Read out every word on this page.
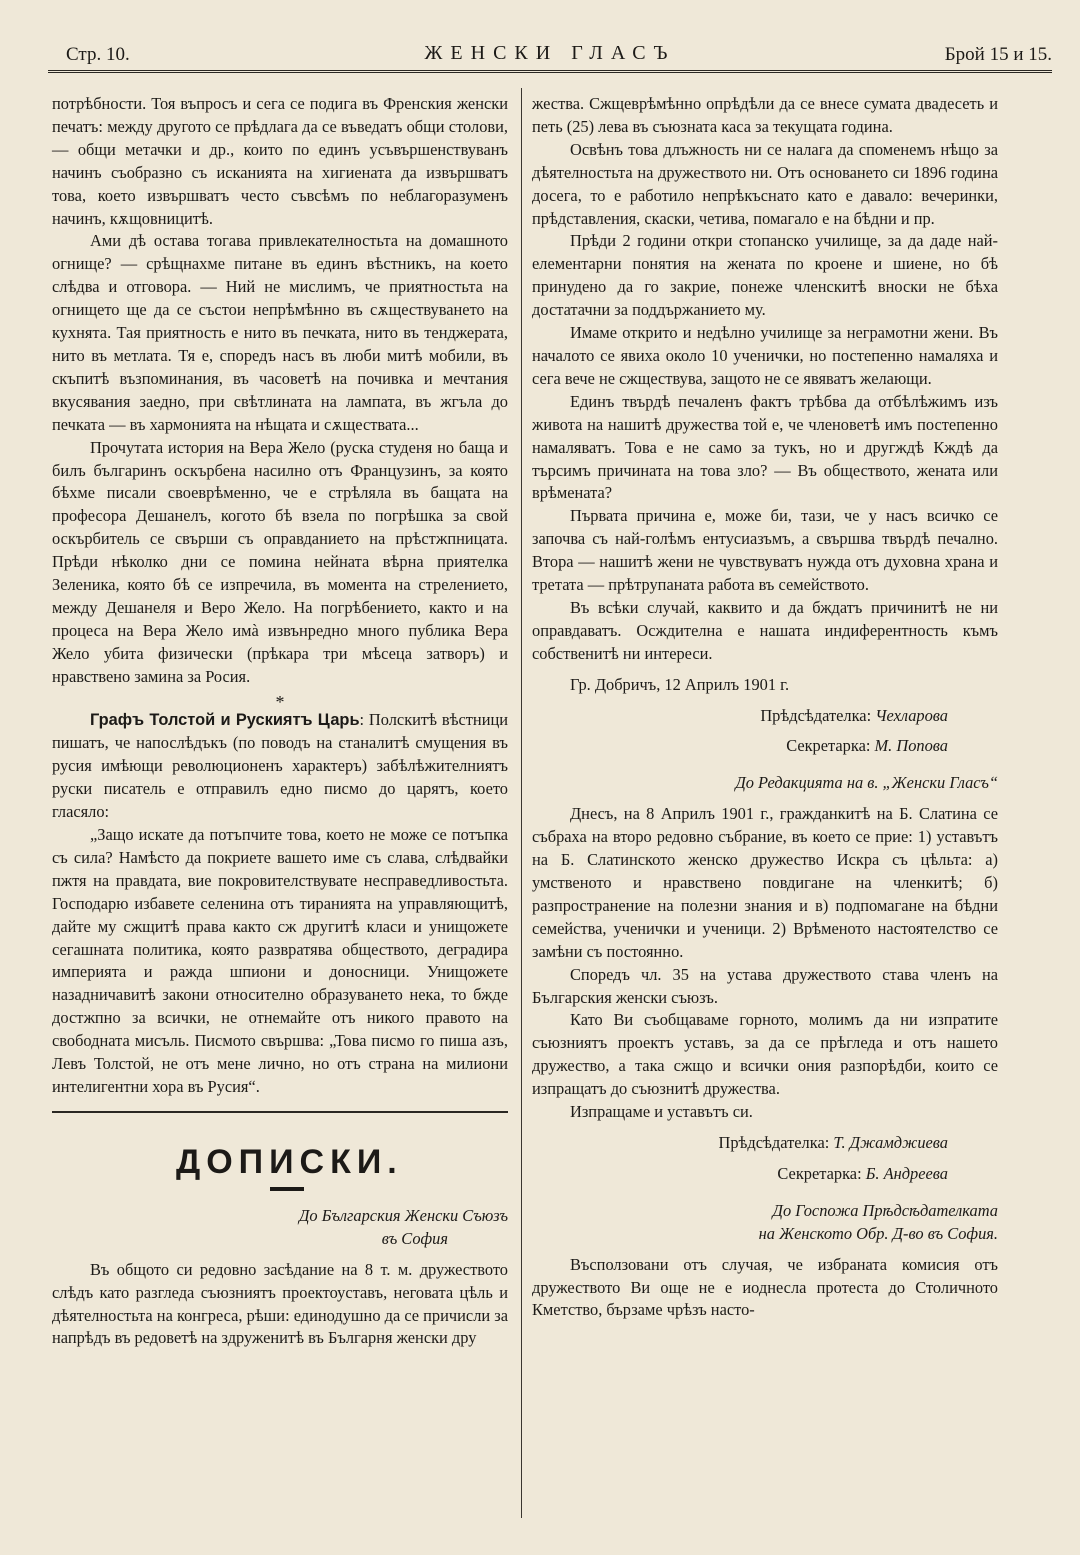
Стр. 10.	ЖЕНСКИ ГЛАСЪ	Брой 15 и 15.

потрѣбности. Тоя въпросъ и сега се подига въ Френския женски печатъ: между другото се прѣдлага да се въведатъ общи столови, — общи метачки и др., които по единъ усъвършенствуванъ начинъ съобразно съ исканията на хигиената да извършватъ това, което извършватъ често съвсѣмъ по неблагоразуменъ начинъ, кѫщовницитѣ.

Ами дѣ остава тогава привлекателностьта на домашното огнище? — срѣщнахме питане въ единъ вѣстникъ, на което слѣдва и отговора. — Ний не мислимъ, че приятностьта на огнището ще да се състои непрѣмѣнно въ сѫществуването на кухнята. Тая приятность е нито въ печката, нито въ тенджерата, нито въ метлата. Тя е, споредъ насъ въ люби митѣ мобили, въ скъпитѣ възпоминания, въ часоветѣ на почивка и мечтания вкусявания заедно, при свѣтлината на лампата, въ жгъла до печката — въ хармонията на нѣщата и сѫществата...

Прочутата история на Вера Жело (руска студеня но баща и билъ българинъ оскърбена насилно отъ Французинъ, за която бѣхме писали своеврѣменно, че е стрѣляла въ бащата на професора Дешанелъ, когото бѣ взела по погрѣшка за свой оскърбитель се свърши съ оправданието на прѣстжпницата. Прѣди нѣколко дни се помина нейната вѣрна приятелка Зеленика, която бѣ се изпречила, въ момента на стрелението, между Дешанеля и Веро Жело. На погрѣбението, както и на процеса на Вера Жело имà извънредно много публика Вера Жело убита физически (прѣкара три мѣсеца затворъ) и нравствено замина за Росия.

*

Графъ Толстой и Рускиятъ Царь: Полскитѣ вѣстници пишатъ, че напослѣдъкъ (по поводъ на станалитѣ смущения въ русия имѣющи революционенъ характеръ) забѣлѣжителниятъ руски писатель е отправилъ едно писмо до царятъ, което гласяло:

„Защо искате да потъпчите това, което не може се потъпка съ сила? Намѣсто да покриете вашето име съ слава, слѣдвайки пжтя на правдата, вие покровителствувате несправедливостьта. Господарю избавете селенина отъ тиранията на управляющитѣ, дайте му сжщитѣ права както сж другитѣ класи и унищожете сегашната политика, която развратява обществото, деградира империята и ражда шпиони и доносници. Унищожете назадничавитѣ закони относително образуването нека, то бжде достжпно за всички, не отнемайте отъ никого правото на свободната мисъль. Писмото свършва: „Това писмо го пиша азъ, Левъ Толстой, не отъ мене лично, но отъ страна на милиони интелигентни хора въ Русия“.

ДОПИСКИ.

До Българския Женски Съюзъ

въ София

Въ общото си редовно засѣдание на 8 т. м. дружеството слѣдъ като разгледа съюзниятъ проектоуставъ, неговата цѣль и дѣятелностьта на конгреса, рѣши: единодушно да се причисли за напрѣдъ въ редоветѣ на здруженитѣ въ Българня женски дру

жества. Сжщеврѣмѣнно опрѣдѣли да се внесе сумата двадесеть и петь (25) лева въ съюзната каса за текущата година.

Освѣнъ това длъжность ни се налага да споменемъ нѣщо за дѣятелностьта на дружеството ни. Отъ основането си 1896 година досега, то е работило непрѣкъснато като е давало: вечеринки, прѣдставления, скаски, четива, помагало е на бѣдни и пр.

Прѣди 2 години откри стопанско училище, за да даде най-елементарни понятия на жената по кроене и шиене, но бѣ принудено да го закрие, понеже членскитѣ вноски не бѣха достатачни за поддържанието му.

Имаме открито и недѣлно училище за неграмотни жени. Въ началото се явиха около 10 ученички, но постепенно намаляха и сега вече не сжществува, защото не се явяватъ желающи.

Единъ твърдѣ печаленъ фактъ трѣбва да отбѣлѣжимъ изъ живота на нашитѣ дружества той е, че членоветѣ имъ постепенно намаляватъ. Това е не само за тукъ, но и другждѣ Кждѣ да търсимъ причината на това зло? — Въ обществото, жената или врѣмената?

Първата причина е, може би, тази, че у насъ всичко се започва съ най-голѣмъ ентусиазъмъ, а свършва твърдѣ печално. Втора — нашитѣ жени не чувствуватъ нужда отъ духовна храна и третата — прѣтрупаната работа въ семейството.

Въ всѣки случай, каквито и да бждатъ причинитѣ не ни оправдаватъ. Осждителна е нашата индиферентность къмъ собственитѣ ни интереси.

Гр. Добричъ, 12 Априлъ 1901 г.

Прѣдсѣдателка: Чехларова

Секретарка: М. Попова

До Редакцията на в. „Женски Гласъ“

Днесъ, на 8 Априлъ 1901 г., гражданкитѣ на Б. Слатина се събраха на второ редовно събрание, въ което се прие: 1) уставътъ на Б. Слатинското женско дружество Искра съ цѣльта: а) умственото и нравствено повдигане на членкитѣ; б) разпространение на полезни знания и в) подпомагане на бѣдни семейства, ученички и ученици. 2) Врѣменото настоятелство се замѣни съ постоянно.

Споредъ чл. 35 на устава дружеството става членъ на Българския женски съюзъ.

Като Ви съобщаваме горното, молимъ да ни изпратите съюзниятъ проектъ уставъ, за да се прѣгледа и отъ нашето дружество, а така сжщо и всички ония разпорѣдби, които се изпращатъ до съюзнитѣ дружества.

Изпращаме и уставътъ си.

Прѣдсѣдателка: Т. Джамджиева

Секретарка: Б. Андреева

До Госпожа Прѣдсѣдателката

на Женското Обр. Д-во въ София.

Въсползовани отъ случая, че избраната комисия отъ дружеството Ви още не е иоднесла протеста до Столичното Кметство, бързаме чрѣзъ насто-
